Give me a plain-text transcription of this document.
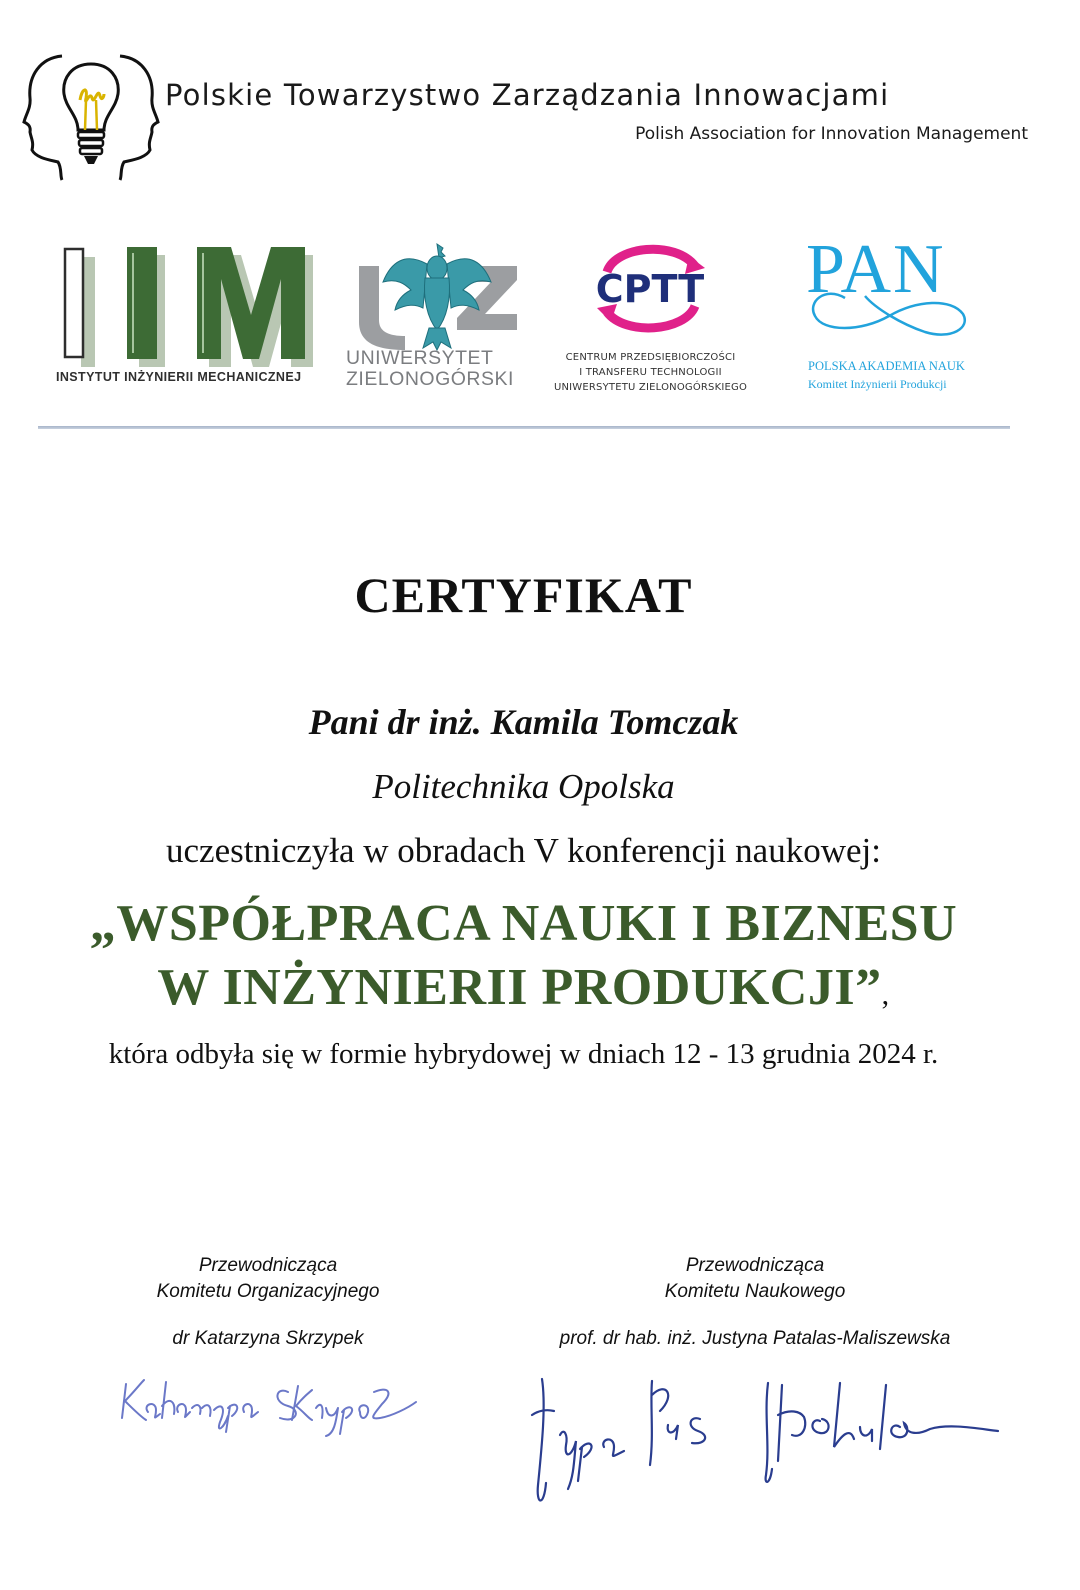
Polskie Towarzystwo Zarządzania Innowacjami
Polish Association for Innovation Management
INSTYTUT INŻYNIERII MECHANICZNEJ
UNIWERSYTET
ZIELONOGÓRSKI
CPTT
CENTRUM PRZEDSIĘBIORCZOŚCI
I TRANSFERU TECHNOLOGII
UNIWERSYTETU ZIELONOGÓRSKIEGO
PAN
POLSKA AKADEMIA NAUK
Komitet Inżynierii Produkcji
CERTYFIKAT
Pani dr inż. Kamila Tomczak
Politechnika Opolska
uczestniczyła w obradach V konferencji naukowej:
„WSPÓŁPRACA NAUKI I BIZNESU
W INŻYNIERII PRODUKCJI”,
która odbyła się w formie hybrydowej w dniach 12 - 13 grudnia 2024 r.
Przewodnicząca
Komitetu Organizacyjnego
dr Katarzyna Skrzypek
Przewodnicząca
Komitetu Naukowego
prof. dr hab. inż. Justyna Patalas-Maliszewska
